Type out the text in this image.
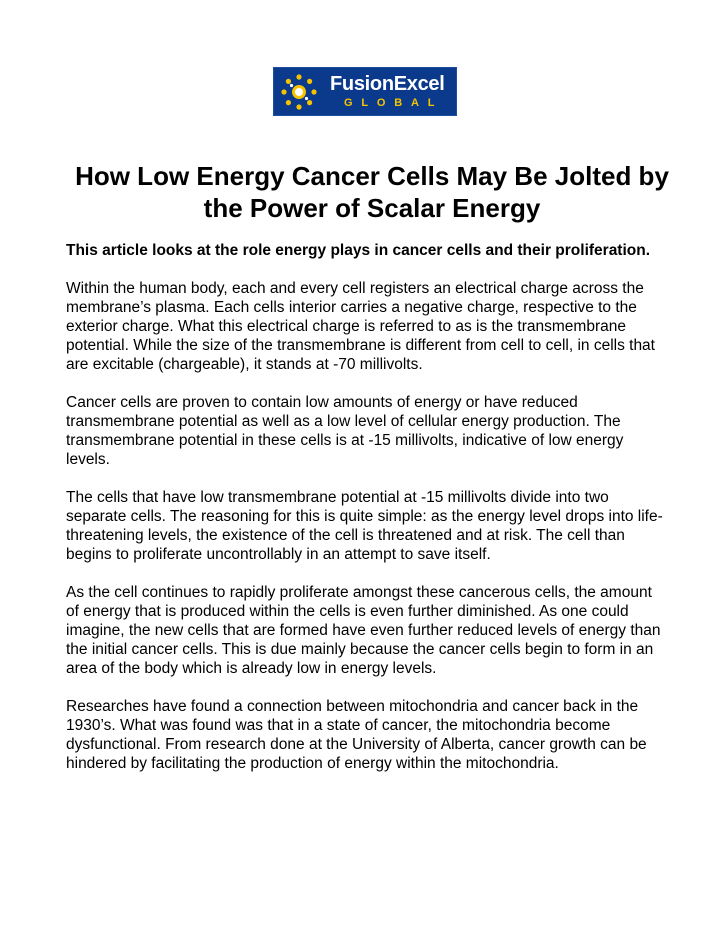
FusionExcel
GLOBAL
How Low Energy Cancer Cells May Be Jolted by the Power of Scalar Energy

This article looks at the role energy plays in cancer cells and their proliferation.

Within the human body, each and every cell registers an electrical charge across the membrane’s plasma. Each cells interior carries a negative charge, respective to the exterior charge. What this electrical charge is referred to as is the transmembrane potential. While the size of the transmembrane is different from cell to cell, in cells that are excitable (chargeable), it stands at -70 millivolts.

Cancer cells are proven to contain low amounts of energy or have reduced transmembrane potential as well as a low level of cellular energy production. The transmembrane potential in these cells is at -15 millivolts, indicative of low energy levels.

The cells that have low transmembrane potential at -15 millivolts divide into two separate cells. The reasoning for this is quite simple: as the energy level drops into life-threatening levels, the existence of the cell is threatened and at risk. The cell than begins to proliferate uncontrollably in an attempt to save itself.

As the cell continues to rapidly proliferate amongst these cancerous cells, the amount of energy that is produced within the cells is even further diminished. As one could imagine, the new cells that are formed have even further reduced levels of energy than the initial cancer cells. This is due mainly because the cancer cells begin to form in an area of the body which is already low in energy levels.

Researches have found a connection between mitochondria and cancer back in the 1930’s. What was found was that in a state of cancer, the mitochondria become dysfunctional. From research done at the University of Alberta, cancer growth can be hindered by facilitating the production of energy within the mitochondria.
